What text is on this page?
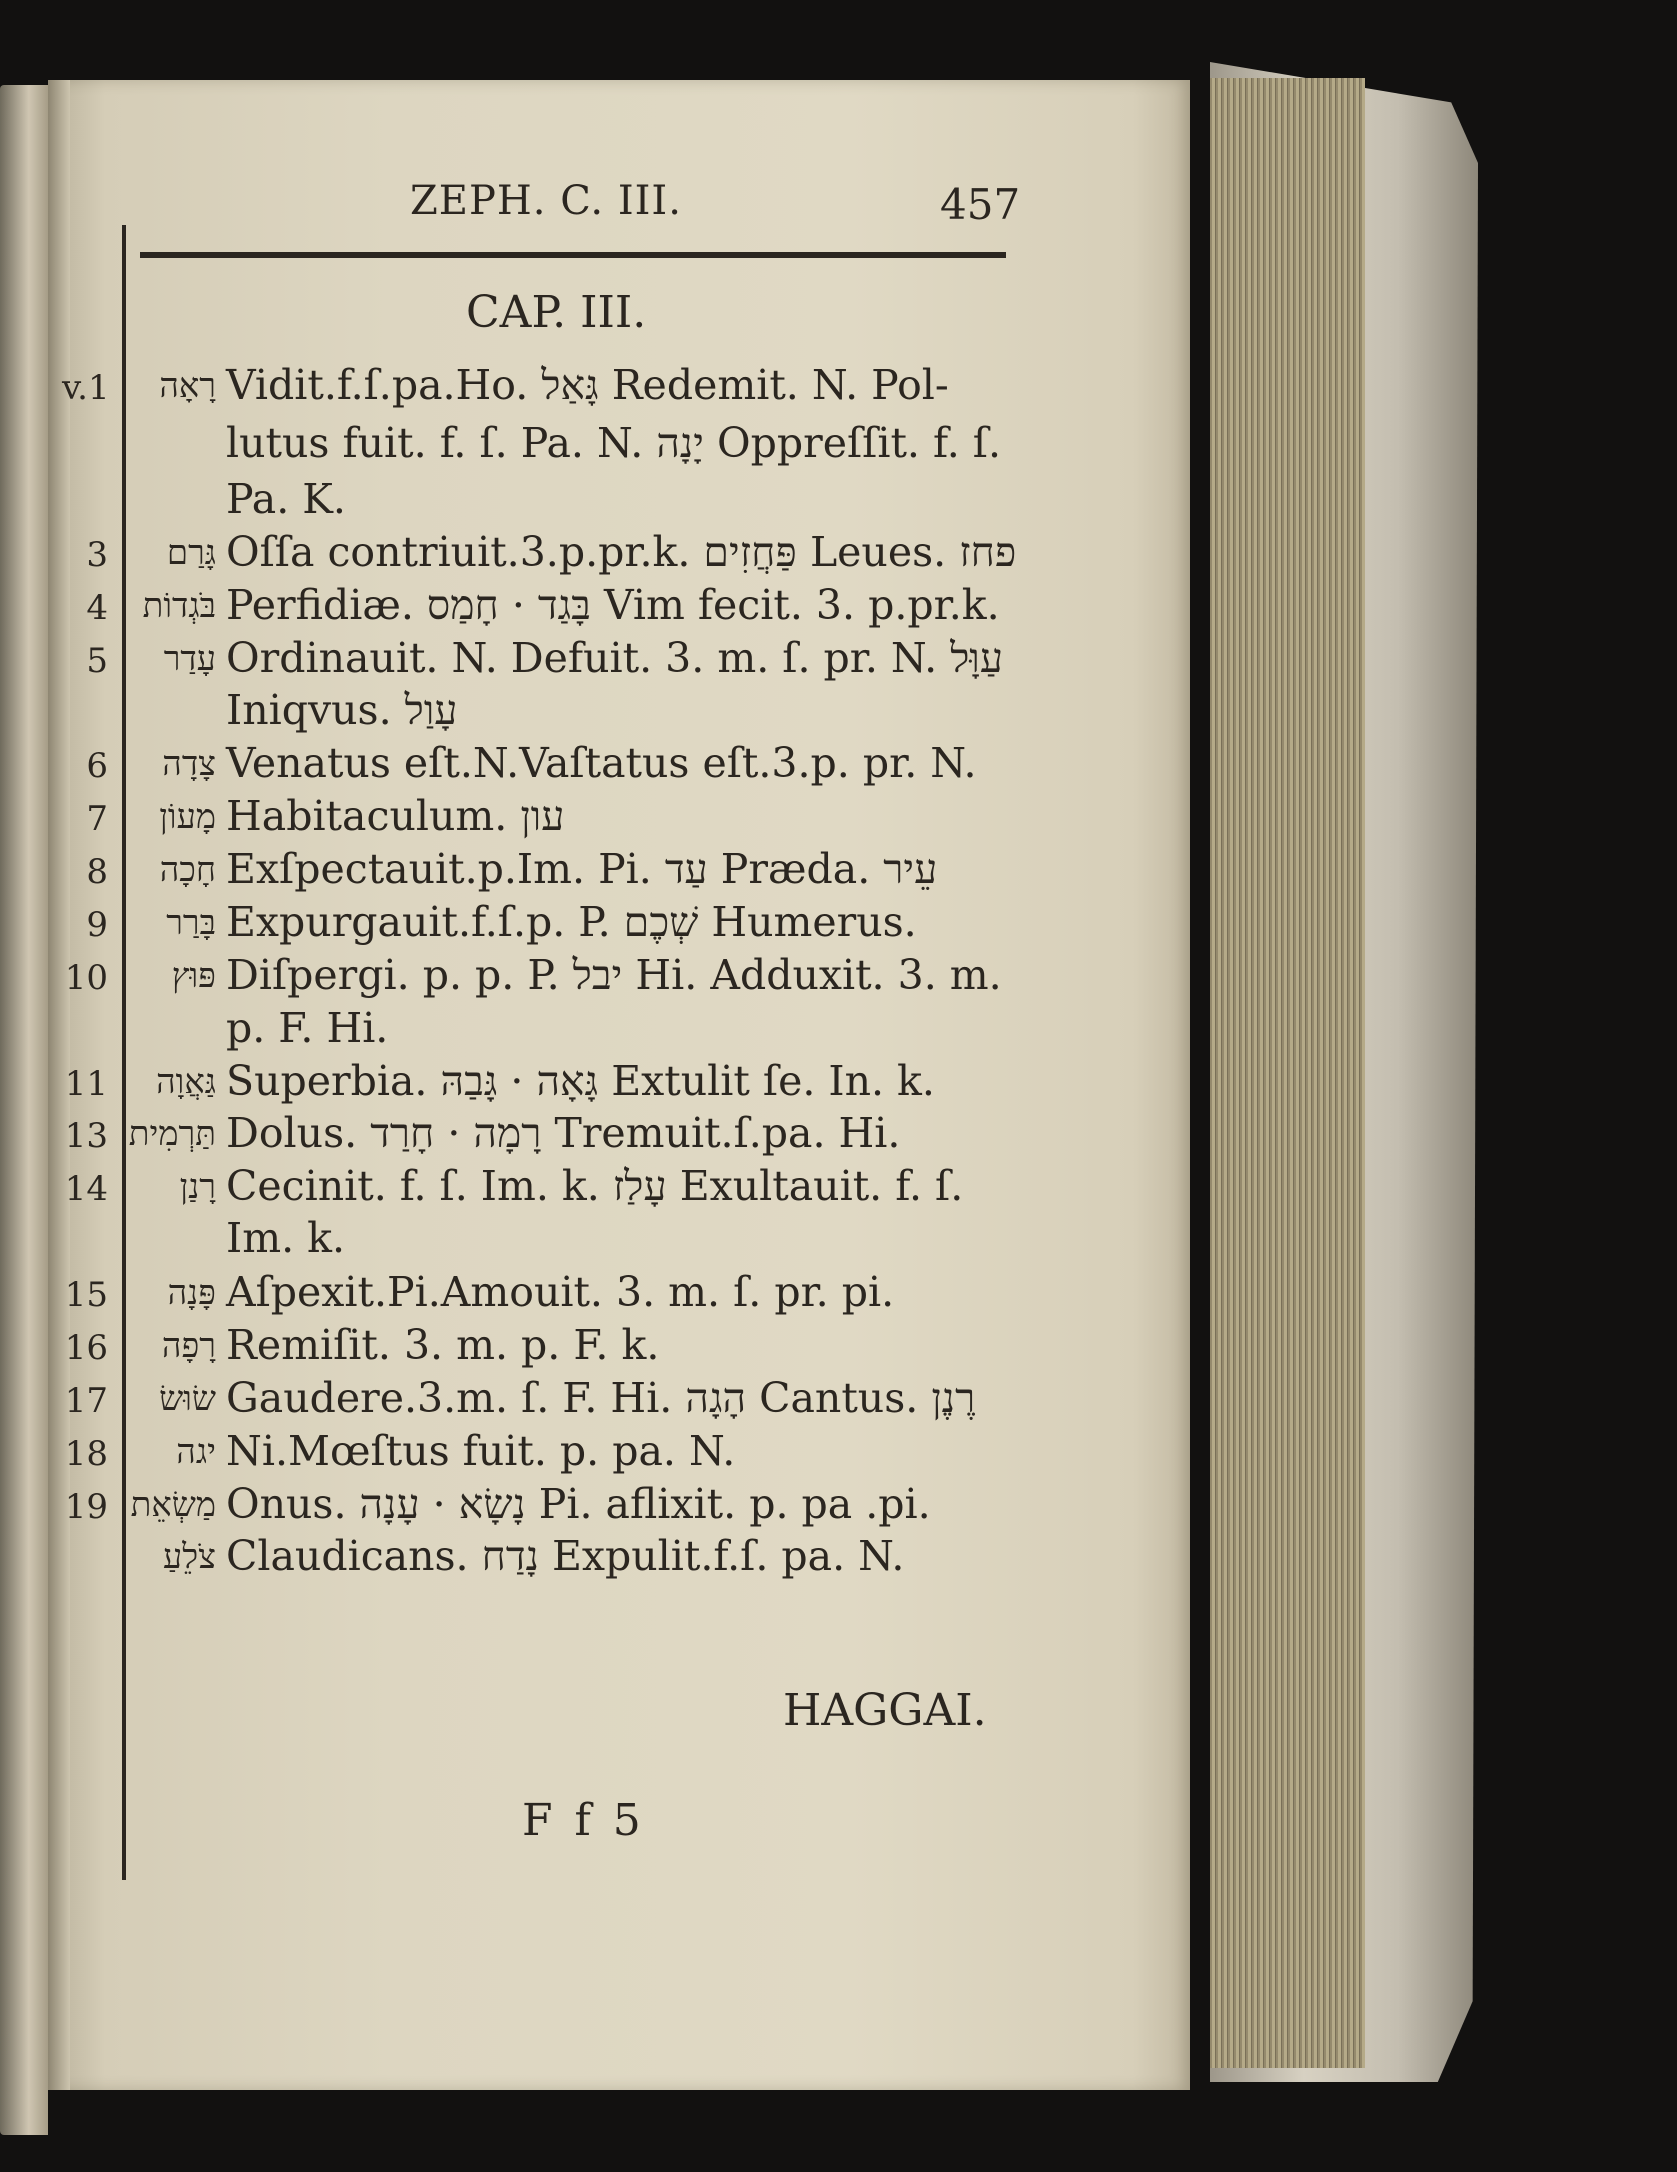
ZEPH. C. III.	457
CAP. III.
v.1	רָאָה Vidit.f.ſ.pa.Ho. גָּאַל Redemit. N. Pol-
lutus fuit. f. ſ. Pa. N. יָנָה Oppreſſit. f. ſ.
Pa. K.
3	גָּרַם Oſſa contriuit.3.p.pr.k. פַּחֲזִים Leues. פחז
4	בֹּגְדוֹת Perfidiæ. בָּגַד · חָמַס Vim fecit. 3. p.pr.k.
5	עָדַר Ordinauit. N. Defuit. 3. m. ſ. pr. N. עַוָּל
Iniqvus. עָוַל
6	צָדָה Venatus eſt.N.Vaſtatus eſt.3.p. pr. N.
7	מָעוֹן Habitaculum. עון
8	חָכָה Exſpectauit.p.Im. Pi. עַד Præda. עֵיר
9	בָּרַר Expurgauit.f.ſ.p. P. שְׁכֶם Humerus.
10	פּוּץ Diſpergi. p. p. P. יבל Hi. Adduxit. 3. m.
p. F. Hi.
11	גַּאֲוָה Superbia. גָּאָה · גָּבַהּ Extulit ſe. In. k.
13 תַּרְמִית Dolus. רָמָה · חָרַד Tremuit.ſ.pa. Hi.
14	רָנַן Cecinit. f. ſ. Im. k. עָלַז Exultauit. f. ſ.
Im. k.
15	פָּנָה Aſpexit.Pi.Amouit. 3. m. ſ. pr. pi.
16	רָפָה Remiſit. 3. m. p. F. k.
17	שׂוּשׂ Gaudere.3.m. ſ. F. Hi. הָגָה Cantus. רֶנֶן
18	יגה Ni.Mœſtus fuit. p. pa. N.
19 מַשְׂאֵת Onus. נָשָׂא · עָנָה Pi. aflixit. p. pa .pi.
צֹלֵעַ Claudicans. נָדַח Expulit.f.ſ. pa. N.
HAGGAI.
F f 5
